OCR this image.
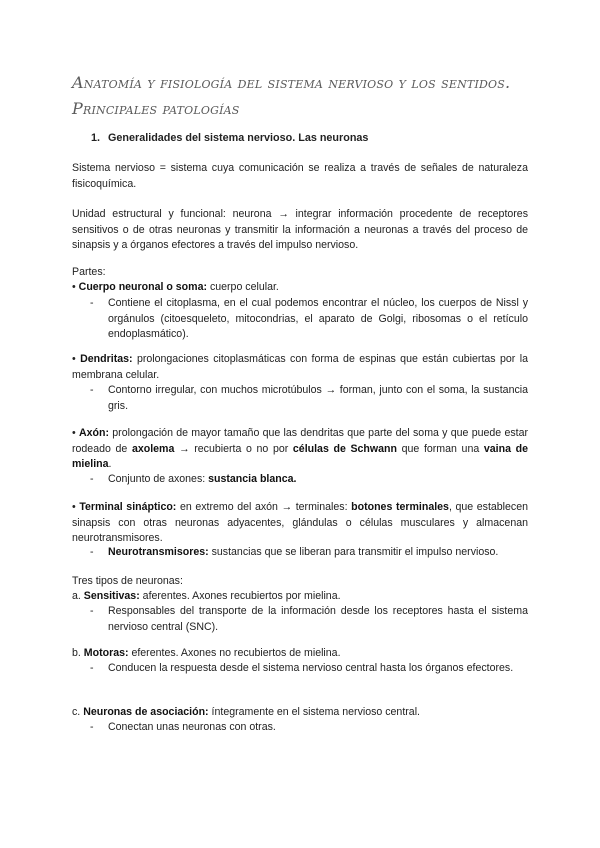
Anatomía y fisiología del sistema nervioso y los sentidos.
Principales patologías
1. Generalidades del sistema nervioso. Las neuronas
Sistema nervioso = sistema cuya comunicación se realiza a través de señales de naturaleza fisicoquímica.
Unidad estructural y funcional: neurona → integrar información procedente de receptores sensitivos o de otras neuronas y transmitir la información a neuronas a través del proceso de sinapsis y a órganos efectores a través del impulso nervioso.
Partes:
• Cuerpo neuronal o soma: cuerpo celular.
- Contiene el citoplasma, en el cual podemos encontrar el núcleo, los cuerpos de Nissl y orgánulos (citoesqueleto, mitocondrias, el aparato de Golgi, ribosomas o el retículo endoplasmático).
• Dendritas: prolongaciones citoplasmáticas con forma de espinas que están cubiertas por la membrana celular.
- Contorno irregular, con muchos microtúbulos → forman, junto con el soma, la sustancia gris.
• Axón: prolongación de mayor tamaño que las dendritas que parte del soma y que puede estar rodeado de axolema → recubierta o no por células de Schwann que forman una vaina de mielina.
- Conjunto de axones: sustancia blanca.
• Terminal sináptico: en extremo del axón → terminales: botones terminales, que establecen sinapsis con otras neuronas adyacentes, glándulas o células musculares y almacenan neurotransmisores.
- Neurotransmisores: sustancias que se liberan para transmitir el impulso nervioso.
Tres tipos de neuronas:
a. Sensitivas: aferentes. Axones recubiertos por mielina.
- Responsables del transporte de la información desde los receptores hasta el sistema nervioso central (SNC).
b. Motoras: eferentes. Axones no recubiertos de mielina.
- Conducen la respuesta desde el sistema nervioso central hasta los órganos efectores.
c. Neuronas de asociación: íntegramente en el sistema nervioso central.
- Conectan unas neuronas con otras.
